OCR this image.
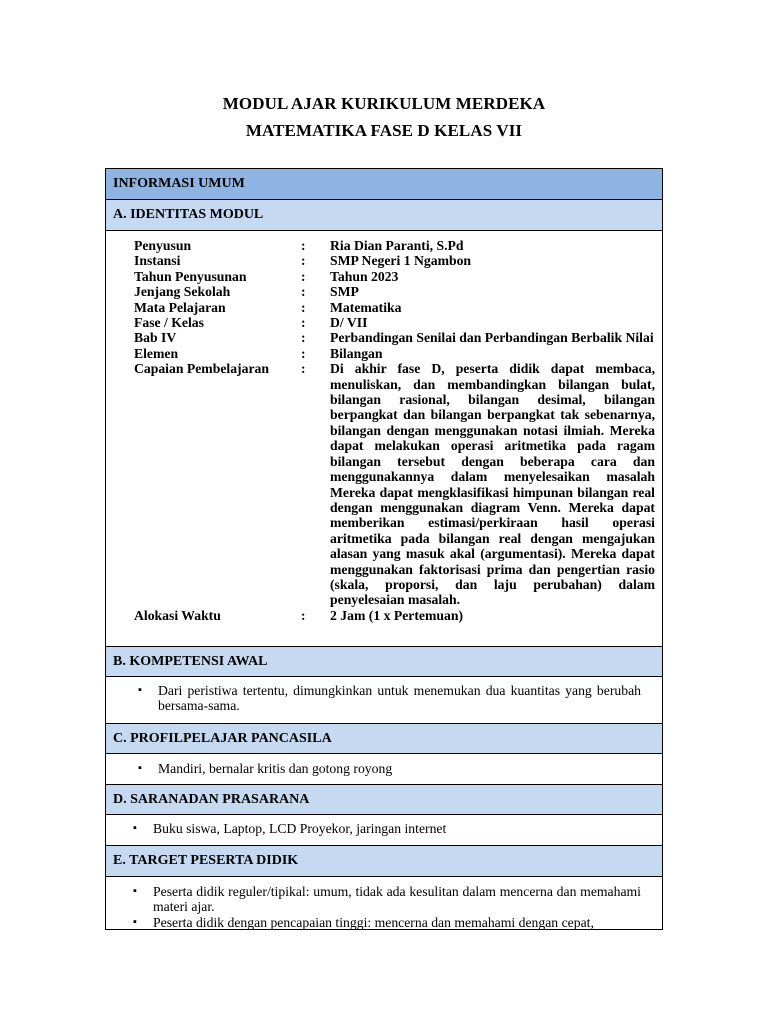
MODUL AJAR KURIKULUM MERDEKA
MATEMATIKA FASE D KELAS VII
INFORMASI UMUM
A. IDENTITAS MODUL
Penyusun	:	Ria Dian Paranti, S.Pd
Instansi	:	SMP Negeri 1 Ngambon
Tahun Penyusunan	:	Tahun 2023
Jenjang Sekolah	:	SMP
Mata Pelajaran	:	Matematika
Fase / Kelas	:	D/ VII
Bab IV	:	Perbandingan Senilai dan Perbandingan Berbalik Nilai
Elemen	:	Bilangan
Capaian Pembelajaran	:	Di akhir fase D, peserta didik dapat membaca, menuliskan, dan membandingkan bilangan bulat, bilangan rasional, bilangan desimal, bilangan berpangkat dan bilangan berpangkat tak sebenarnya, bilangan dengan menggunakan notasi ilmiah. Mereka dapat melakukan operasi aritmetika pada ragam bilangan tersebut dengan beberapa cara dan menggunakannya dalam menyelesaikan masalah Mereka dapat mengklasifikasi himpunan bilangan real dengan menggunakan diagram Venn. Mereka dapat memberikan estimasi/perkiraan hasil operasi aritmetika pada bilangan real dengan mengajukan alasan yang masuk akal (argumentasi). Mereka dapat menggunakan faktorisasi prima dan pengertian rasio (skala, proporsi, dan laju perubahan) dalam penyelesaian masalah.
Alokasi Waktu	:	2 Jam (1 x Pertemuan)
B. KOMPETENSI AWAL
▪ Dari peristiwa tertentu, dimungkinkan untuk menemukan dua kuantitas yang berubah bersama-sama.
C. PROFILPELAJAR PANCASILA
▪ Mandiri, bernalar kritis dan gotong royong
D. SARANADAN PRASARANA
▪ Buku siswa, Laptop, LCD Proyekor, jaringan internet
E. TARGET PESERTA DIDIK
▪ Peserta didik reguler/tipikal: umum, tidak ada kesulitan dalam mencerna dan memahami materi ajar.
▪ Peserta didik dengan pencapaian tinggi: mencerna dan memahami dengan cepat,
